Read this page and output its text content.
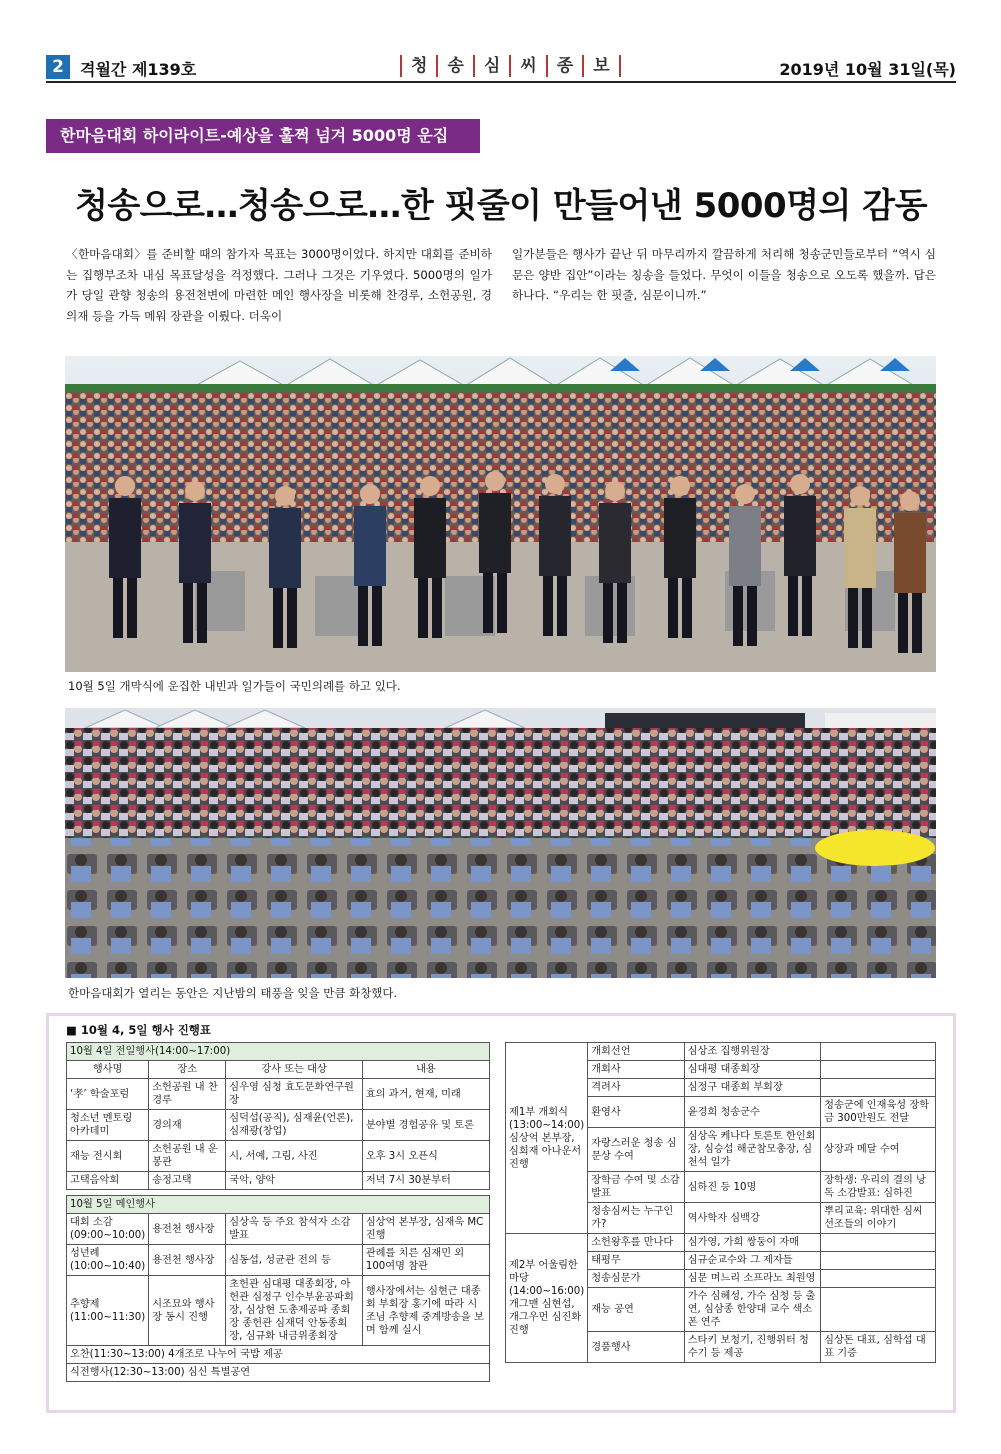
2	격월간 제139호	청	송	심	씨	종	보	2019년 10월 31일(목)
한마음대회 하이라이트-예상을 훌쩍 넘겨 5000명 운집
청송으로…청송으로…한 핏줄이 만들어낸 5000명의 감동
〈한마음대회〉를 준비할 때의 참가자 목표는 3000명이었다. 하지만 대회를 준비하는 집행부조차 내심 목표달성을 걱정했다. 그러나 그것은 기우였다. 5000명의 일가가 당일 관향 청송의 용전천변에 마련한 메인 행사장을 비롯해 찬경루, 소헌공원, 경의재 등을 가득 메워 장관을 이뤘다. 더욱이
일가분들은 행사가 끝난 뒤 마무리까지 깔끔하게 처리해 청송군민들로부터 “역시 심문은 양반 집안”이라는 칭송을 들었다. 무엇이 이들을 청송으로 오도록 했을까. 답은 하나다. “우리는 한 핏줄, 심문이니까.”
10월 5일 개막식에 운집한 내빈과 일가들이 국민의례를 하고 있다.
한마음대회가 열리는 동안은 지난밤의 태풍을 잊을 만큼 화창했다.
■ 10월 4, 5일 행사 진행표
10월 4일 전일행사(14:00~17:00)			
행사명	장소	강사 또는 대상	내용
‘孝’ 학술포럼	소헌공원 내 찬경루	심우영 심청 효도문화연구원장	효의 과거, 현재, 미래
청소년 멘토링 아카데미	경의재	심덕섭(공직), 심재윤(언론), 심재광(창업)	분야별 경험공유 및 토론
재능 전시회	소헌공원 내 운봉관	시, 서예, 그림, 사진	오후 3시 오픈식
고택음악회	송정고택	국악, 양악	저녁 7시 30분부터

10월 5일 메인행사			
대회 소감 (09:00~10:00)	용전천 행사장	심상옥 등 주요 참석자 소감 발표	심상억 본부장, 심재욱 MC 진행
성년례 (10:00~10:40)	용전천 행사장	심동섭, 성균관 전의 등	관례를 치른 심재민 외 100여명 참관
추향제 (11:00~11:30)	시조묘와 행사장 동시 진행	초헌관 심대평 대종회장, 아헌관 심정구 인수부윤공파회장, 심상현 도총제공파 종회장 종헌관 심재덕 안동종회장, 심규화 내금위종회장	행사장에서는 심현근 대종회 부회장 홍기에 따라 시조님 추향제 중계방송을 보며 함께 실시
오찬(11:30~13:00) 4개조로 나누어 국밥 제공			
식전행사(12:30~13:00) 심신 특별공연			
제1부 개회식 (13:00~14:00) 심상억 본부장, 심희재 아나운서 진행	개회선언	심상조 집행위원장	
	개회사	심대평 대종회장	
	격려사	심정구 대종회 부회장	
	환영사	윤경희 청송군수	청송군에 인재육성 장학금 300만원도 전달
	자랑스러운 청송 심문상 수여	심상옥 케나다 토론토 한인회장, 심승섭 해군참모총장, 심천석 일가	상장과 메달 수여
	장학금 수여 및 소감 발표	심하진 등 10명	장학생: 우리의 결의 낭독 소감발표: 심하진
	청송심씨는 누구인가?	역사학자 심백강	뿌리교육: 위대한 심씨 선조들의 이야기
제2부 어울림한마당 (14:00~16:00) 개그맨 심현섭, 개그우먼 심진화 진행	소헌왕후를 만나다	심가영, 가희 쌍둥이 자매	
	태평무	심규순교수와 그 제자들	
	청송심문가	심문 며느리 소프라노 최원영	
	재능 공연	가수 심혜성, 가수 심청 등 출연, 심삼종 한양대 교수 색소폰 연주	
	경품행사	스타키 보청기, 진행위터 청수기 등 제공	심상돈 대표, 심학섭 대표 기증
